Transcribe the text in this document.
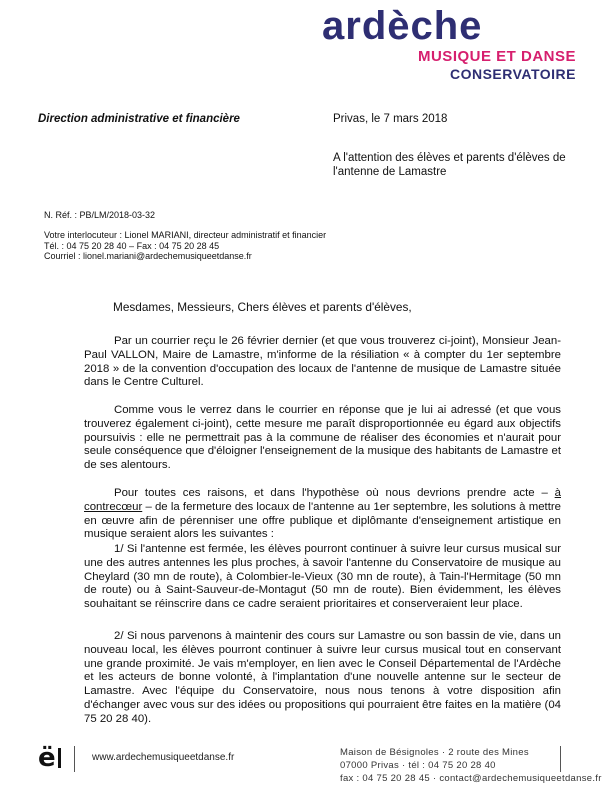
ardèche
MUSIQUE ET DANSE
CONSERVATOIRE
Direction administrative et financière	Privas, le 7 mars 2018
A l'attention des élèves et parents d'élèves de l'antenne de Lamastre
N. Réf. : PB/LM/2018-03-32
Votre interlocuteur : Lionel MARIANI, directeur administratif et financier
Tél. : 04 75 20 28 40 – Fax : 04 75 20 28 45
Courriel : lionel.mariani@ardechemusiqueetdanse.fr
Mesdames, Messieurs, Chers élèves et parents d'élèves,
Par un courrier reçu le 26 février dernier (et que vous trouverez ci-joint), Monsieur Jean-Paul VALLON, Maire de Lamastre, m'informe de la résiliation « à compter du 1er septembre 2018 » de la convention d'occupation des locaux de l'antenne de musique de Lamastre située dans le Centre Culturel.
Comme vous le verrez dans le courrier en réponse que je lui ai adressé (et que vous trouverez également ci-joint), cette mesure me paraît disproportionnée eu égard aux objectifs poursuivis : elle ne permettrait pas à la commune de réaliser des économies et n'aurait pour seule conséquence que d'éloigner l'enseignement de la musique des habitants de Lamastre et de ses alentours.
Pour toutes ces raisons, et dans l'hypothèse où nous devrions prendre acte – à contrecœur – de la fermeture des locaux de l'antenne au 1er septembre, les solutions à mettre en œuvre afin de pérenniser une offre publique et diplômante d'enseignement artistique en musique seraient alors les suivantes :
1/ Si l'antenne est fermée, les élèves pourront continuer à suivre leur cursus musical sur une des autres antennes les plus proches, à savoir l'antenne du Conservatoire de musique au Cheylard (30 mn de route), à Colombier-le-Vieux (30 mn de route), à Tain-l'Hermitage (50 mn de route) ou à Saint-Sauveur-de-Montagut (50 mn de route). Bien évidemment, les élèves souhaitant se réinscrire dans ce cadre seraient prioritaires et conserveraient leur place.
2/ Si nous parvenons à maintenir des cours sur Lamastre ou son bassin de vie, dans un nouveau local, les élèves pourront continuer à suivre leur cursus musical tout en conservant une grande proximité. Je vais m'employer, en lien avec le Conseil Départemental de l'Ardèche et les acteurs de bonne volonté, à l'implantation d'une nouvelle antenne sur le secteur de Lamastre. Avec l'équipe du Conservatoire, nous nous tenons à votre disposition afin d'échanger avec vous sur des idées ou propositions qui pourraient être faites en la matière (04 75 20 28 40).
ë	www.ardechemusiqueetdanse.fr	Maison de Bésignoles · 2 route des Mines
07000 Privas · tél : 04 75 20 28 40
fax : 04 75 20 28 45 · contact@ardechemusiqueetdanse.fr
